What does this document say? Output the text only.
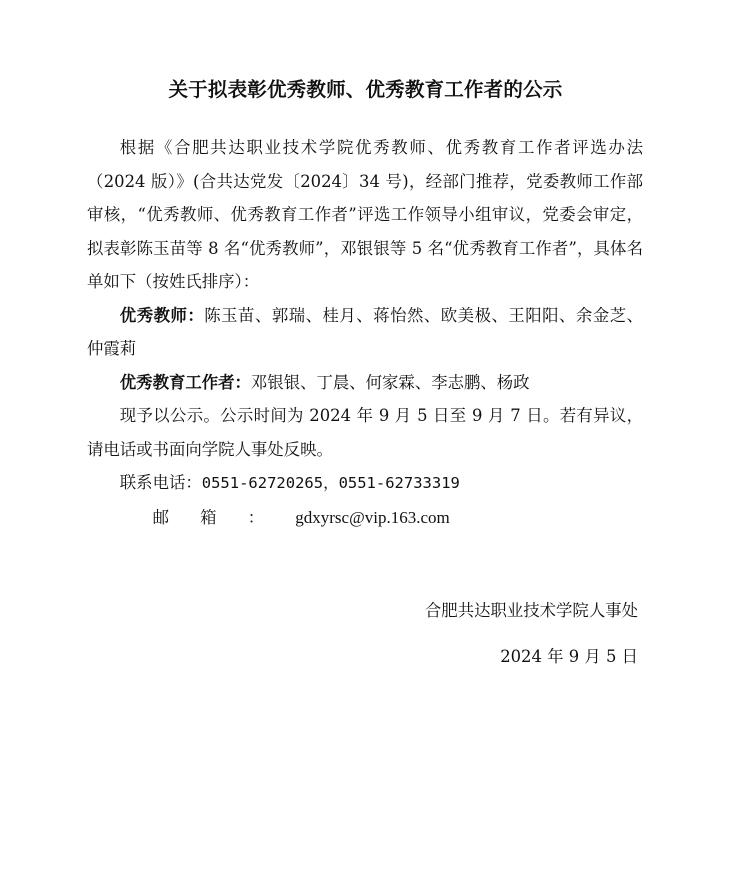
关于拟表彰优秀教师、优秀教育工作者的公示

根据《合肥共达职业技术学院优秀教师、优秀教育工作者评选办法（2024 版）》(合共达党发〔2024〕34 号)，经部门推荐，党委教师工作部审核，“优秀教师、优秀教育工作者”评选工作领导小组审议，党委会审定，拟表彰陈玉苗等 8 名“优秀教师”，邓银银等 5 名“优秀教育工作者”，具体名单如下（按姓氏排序）：

优秀教师：陈玉苗、郭瑞、桂月、蒋怡然、欧美极、王阳阳、余金芝、仲霞莉

优秀教育工作者：邓银银、丁晨、何家霖、李志鹏、杨政

现予以公示。公示时间为 2024 年 9 月 5 日至 9 月 7 日。若有异议，请电话或书面向学院人事处反映。

联系电话：0551-62720265，0551-62733319

邮箱：gdxyrsc@vip.163.com

合肥共达职业技术学院人事处
2024 年 9 月 5 日
